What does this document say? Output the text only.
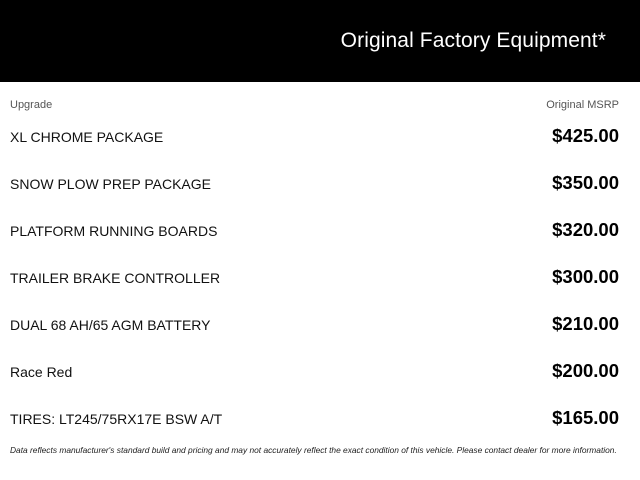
Original Factory Equipment*
Upgrade	Original MSRP
XL CHROME PACKAGE	$425.00
SNOW PLOW PREP PACKAGE	$350.00
PLATFORM RUNNING BOARDS	$320.00
TRAILER BRAKE CONTROLLER	$300.00
DUAL 68 AH/65 AGM BATTERY	$210.00
Race Red	$200.00
TIRES: LT245/75RX17E BSW A/T	$165.00
Data reflects manufacturer's standard build and pricing and may not accurately reflect the exact condition of this vehicle. Please contact dealer for more information.
